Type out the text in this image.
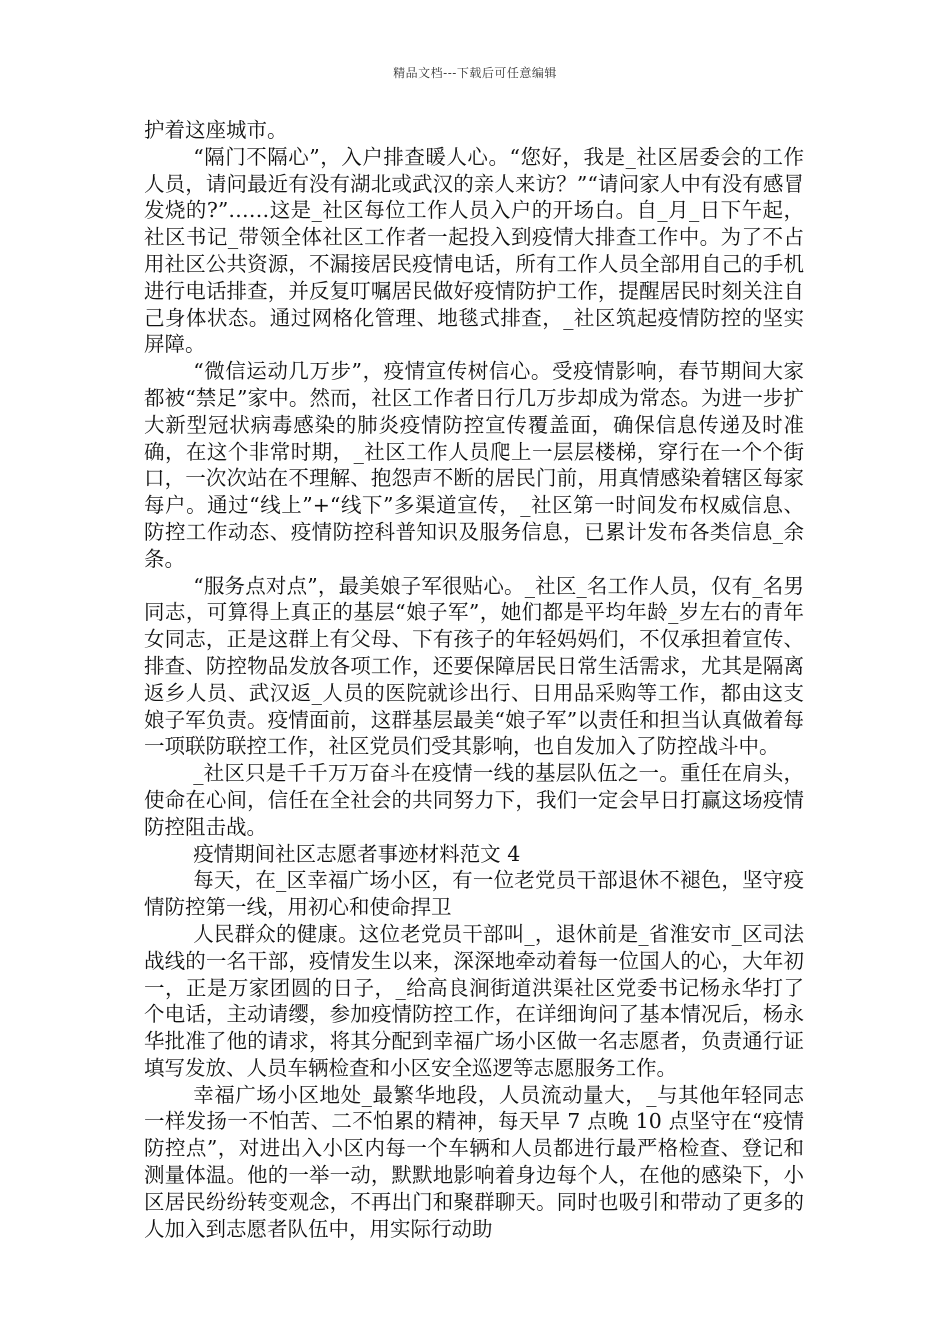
精品文档---下载后可任意编辑

护着这座城市。

“隔门不隔心”，入户排查暖人心。“您好，我是_社区居委会的工作人员，请问最近有没有湖北或武汉的亲人来访？”“请问家人中有没有感冒发烧的?”……这是_社区每位工作人员入户的开场白。自_月_日下午起，社区书记_带领全体社区工作者一起投入到疫情大排查工作中。为了不占用社区公共资源，不漏接居民疫情电话，所有工作人员全部用自己的手机进行电话排查，并反复叮嘱居民做好疫情防护工作，提醒居民时刻关注自己身体状态。通过网格化管理、地毯式排查，_社区筑起疫情防控的坚实屏障。

“微信运动几万步”，疫情宣传树信心。受疫情影响，春节期间大家都被“禁足”家中。然而，社区工作者日行几万步却成为常态。为进一步扩大新型冠状病毒感染的肺炎疫情防控宣传覆盖面，确保信息传递及时准确，在这个非常时期，_社区工作人员爬上一层层楼梯，穿行在一个个街口，一次次站在不理解、抱怨声不断的居民门前，用真情感染着辖区每家每户。通过“线上”+“线下”多渠道宣传，_社区第一时间发布权威信息、防控工作动态、疫情防控科普知识及服务信息，已累计发布各类信息_余条。

“服务点对点”，最美娘子军很贴心。_社区_名工作人员，仅有_名男同志，可算得上真正的基层“娘子军”，她们都是平均年龄_岁左右的青年女同志，正是这群上有父母、下有孩子的年轻妈妈们，不仅承担着宣传、排查、防控物品发放各项工作，还要保障居民日常生活需求，尤其是隔离返乡人员、武汉返_人员的医院就诊出行、日用品采购等工作，都由这支娘子军负责。疫情面前，这群基层最美“娘子军”以责任和担当认真做着每一项联防联控工作，社区党员们受其影响，也自发加入了防控战斗中。

_社区只是千千万万奋斗在疫情一线的基层队伍之一。重任在肩头，使命在心间，信任在全社会的共同努力下，我们一定会早日打赢这场疫情防控阻击战。

疫情期间社区志愿者事迹材料范文 4

每天，在_区幸福广场小区，有一位老党员干部退休不褪色，坚守疫情防控第一线，用初心和使命捍卫

人民群众的健康。这位老党员干部叫_，退休前是_省淮安市_区司法战线的一名干部，疫情发生以来，深深地牵动着每一位国人的心，大年初一，正是万家团圆的日子，_给高良涧街道洪渠社区党委书记杨永华打了个电话，主动请缨，参加疫情防控工作，在详细询问了基本情况后，杨永华批准了他的请求，将其分配到幸福广场小区做一名志愿者，负责通行证填写发放、人员车辆检查和小区安全巡逻等志愿服务工作。

幸福广场小区地处_最繁华地段，人员流动量大，_与其他年轻同志一样发扬一不怕苦、二不怕累的精神，每天早 7 点晚 10 点坚守在“疫情防控点”，对进出入小区内每一个车辆和人员都进行最严格检查、登记和测量体温。他的一举一动，默默地影响着身边每个人，在他的感染下，小区居民纷纷转变观念，不再出门和聚群聊天。同时也吸引和带动了更多的人加入到志愿者队伍中，用实际行动助
